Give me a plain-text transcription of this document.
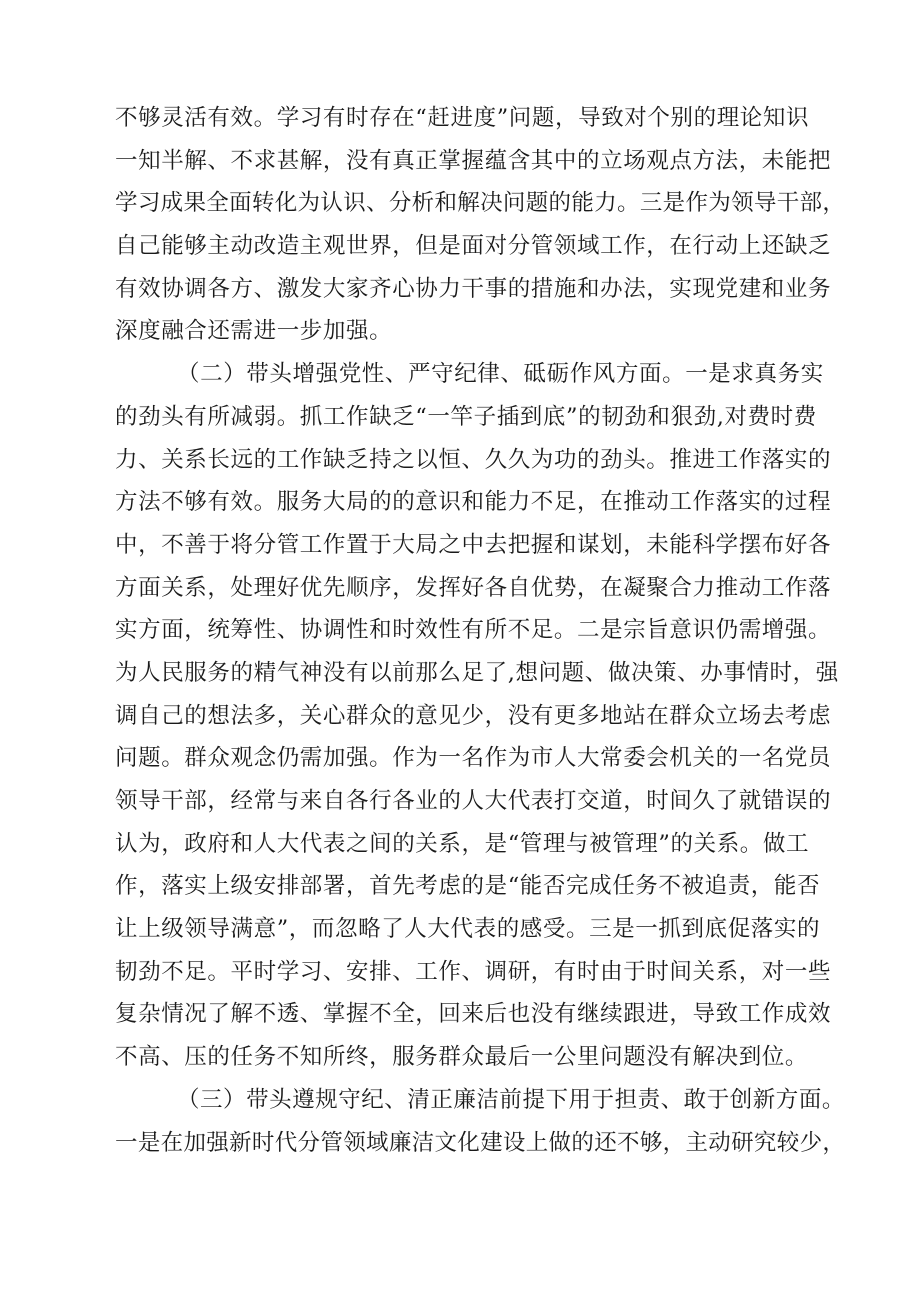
不够灵活有效。学习有时存在“赶进度”问题，导致对个别的理论知识
一知半解、不求甚解，没有真正掌握蕴含其中的立场观点方法，未能把
学习成果全面转化为认识、分析和解决问题的能力。三是作为领导干部，
自己能够主动改造主观世界，但是面对分管领域工作，在行动上还缺乏
有效协调各方、激发大家齐心协力干事的措施和办法，实现党建和业务
深度融合还需进一步加强。
（二）带头增强党性、严守纪律、砥砺作风方面。一是求真务实
的劲头有所减弱。抓工作缺乏“一竿子插到底”的韧劲和狠劲,对费时费
力、关系长远的工作缺乏持之以恒、久久为功的劲头。推进工作落实的
方法不够有效。服务大局的的意识和能力不足，在推动工作落实的过程
中，不善于将分管工作置于大局之中去把握和谋划，未能科学摆布好各
方面关系，处理好优先顺序，发挥好各自优势，在凝聚合力推动工作落
实方面，统筹性、协调性和时效性有所不足。二是宗旨意识仍需增强。
为人民服务的精气神没有以前那么足了,想问题、做决策、办事情时，强
调自己的想法多，关心群众的意见少，没有更多地站在群众立场去考虑
问题。群众观念仍需加强。作为一名作为市人大常委会机关的一名党员
领导干部，经常与来自各行各业的人大代表打交道，时间久了就错误的
认为，政府和人大代表之间的关系，是“管理与被管理”的关系。做工
作，落实上级安排部署，首先考虑的是“能否完成任务不被追责，能否
让上级领导满意”，而忽略了人大代表的感受。三是一抓到底促落实的
韧劲不足。平时学习、安排、工作、调研，有时由于时间关系，对一些
复杂情况了解不透、掌握不全，回来后也没有继续跟进，导致工作成效
不高、压的任务不知所终，服务群众最后一公里问题没有解决到位。
（三）带头遵规守纪、清正廉洁前提下用于担责、敢于创新方面。
一是在加强新时代分管领域廉洁文化建设上做的还不够，主动研究较少，
